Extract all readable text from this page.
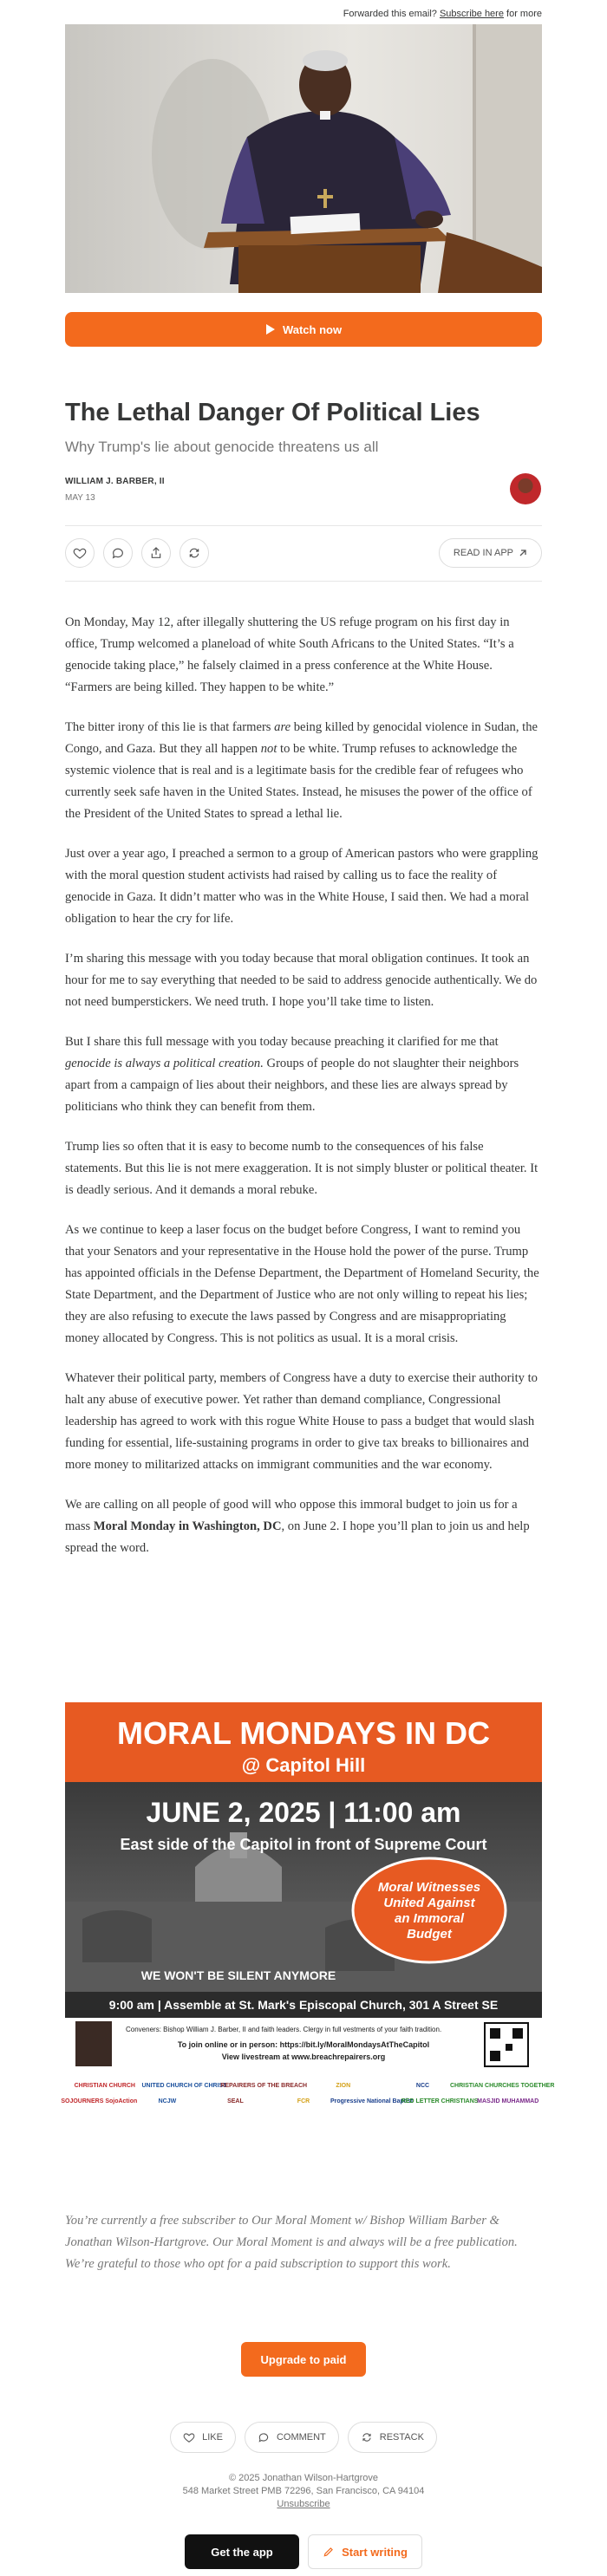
Forwarded this email? Subscribe here for more
Watch now
The Lethal Danger Of Political Lies
Why Trump's lie about genocide threatens us all
WILLIAM J. BARBER, II
MAY 13
READ IN APP

On Monday, May 12, after illegally shuttering the US refuge program on his first day in office, Trump welcomed a planeload of white South Africans to the United States. “It’s a genocide taking place,” he falsely claimed in a press conference at the White House. “Farmers are being killed. They happen to be white.”

The bitter irony of this lie is that farmers are being killed by genocidal violence in Sudan, the Congo, and Gaza. But they all happen not to be white. Trump refuses to acknowledge the systemic violence that is real and is a legitimate basis for the credible fear of refugees who currently seek safe haven in the United States. Instead, he misuses the power of the office of the President of the United States to spread a lethal lie.

Just over a year ago, I preached a sermon to a group of American pastors who were grappling with the moral question student activists had raised by calling us to face the reality of genocide in Gaza. It didn’t matter who was in the White House, I said then. We had a moral obligation to hear the cry for life.

I’m sharing this message with you today because that moral obligation continues. It took an hour for me to say everything that needed to be said to address genocide authentically. We do not need bumperstickers. We need truth. I hope you’ll take time to listen.

But I share this full message with you today because preaching it clarified for me that genocide is always a political creation. Groups of people do not slaughter their neighbors apart from a campaign of lies about their neighbors, and these lies are always spread by politicians who think they can benefit from them.

Trump lies so often that it is easy to become numb to the consequences of his false statements. But this lie is not mere exaggeration. It is not simply bluster or political theater. It is deadly serious. And it demands a moral rebuke.

As we continue to keep a laser focus on the budget before Congress, I want to remind you that your Senators and your representative in the House hold the power of the purse. Trump has appointed officials in the Defense Department, the Department of Homeland Security, the State Department, and the Department of Justice who are not only willing to repeat his lies; they are also refusing to execute the laws passed by Congress and are misappropriating money allocated by Congress. This is not politics as usual. It is a moral crisis.

Whatever their political party, members of Congress have a duty to exercise their authority to halt any abuse of executive power. Yet rather than demand compliance, Congressional leadership has agreed to work with this rogue White House to pass a budget that would slash funding for essential, life-sustaining programs in order to give tax breaks to billionaires and more money to militarized attacks on immigrant communities and the war economy.

We are calling on all people of good will who oppose this immoral budget to join us for a mass Moral Monday in Washington, DC, on June 2. I hope you’ll plan to join us and help spread the word.

MORAL MONDAYS IN DC
@ Capitol Hill
JUNE 2, 2025 | 11:00 am
East side of the Capitol in front of Supreme Court
Moral Witnesses
United Against
an Immoral
Budget
WE WON'T BE SILENT ANYMORE
9:00 am | Assemble at St. Mark's Episcopal Church, 301 A Street SE
Conveners: Bishop William J. Barber, II and faith leaders. Clergy in full vestments of your faith tradition.
To join online or in person: https://bit.ly/MoralMondaysAtTheCapitol
View livestream at www.breachrepairers.org
CHRISTIAN CHURCH UNITED CHURCH OF CHRIST
REPAIRERS OF THE BREACH	ZION	NCC	CHRISTIAN CHURCHES TOGETHER
SOJOURNERS SojoAction	NCJW	SEAL	FCR	Progressive National Baptist
RED LETTER CHRISTIANS
MASJID MUHAMMAD
You’re currently a free subscriber to Our Moral Moment w/ Bishop William Barber & Jonathan Wilson-Hartgrove. Our Moral Moment is and always will be a free publication. We’re grateful to those who opt for a paid subscription to support this work.
Upgrade to paid
LIKE	COMMENT	RESTACK
© 2025 Jonathan Wilson-Hartgrove
548 Market Street PMB 72296, San Francisco, CA 94104
Unsubscribe
Get the app	Start writing
